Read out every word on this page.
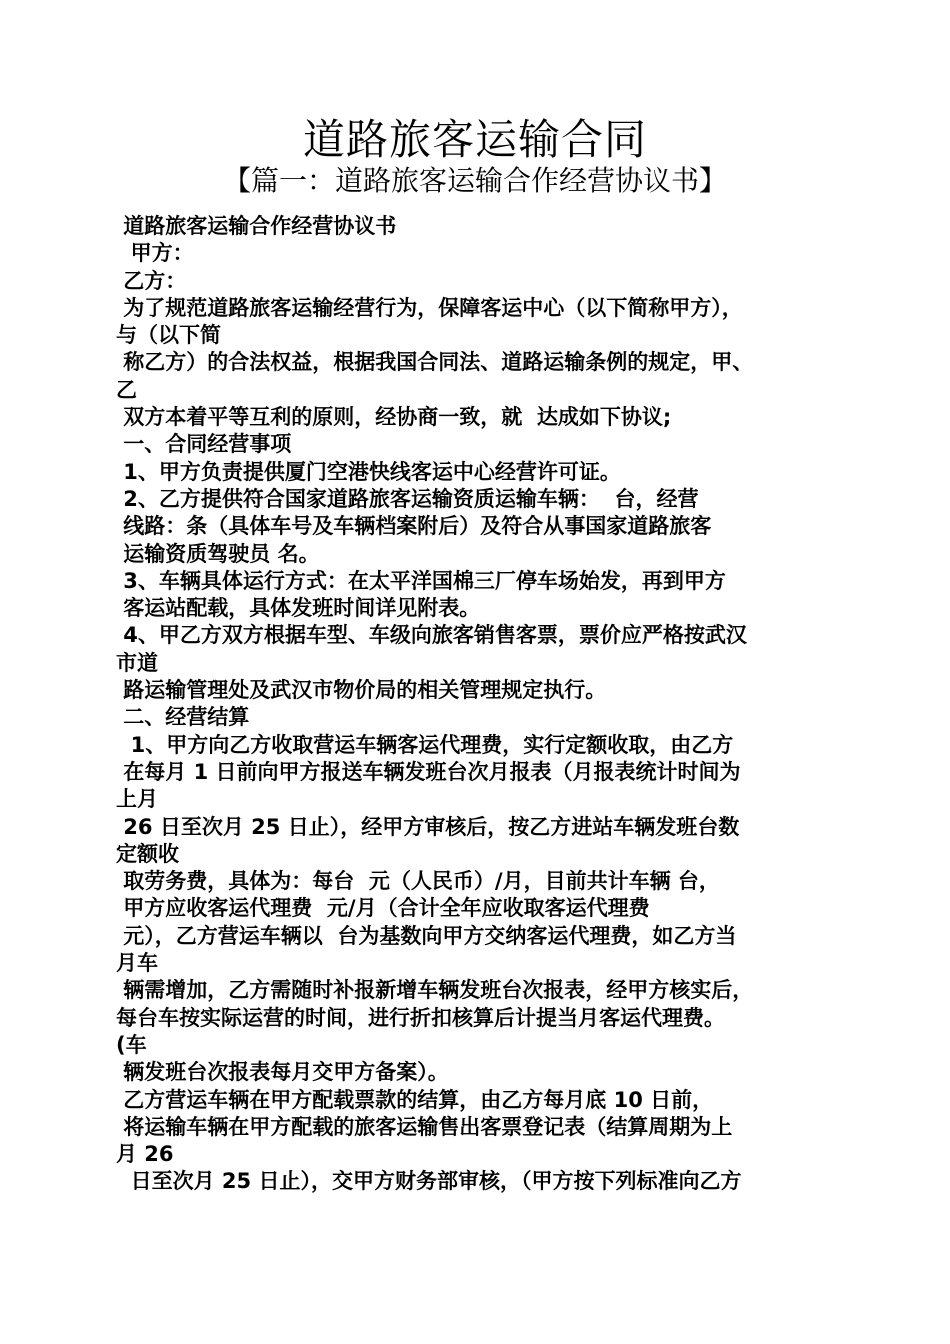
道路旅客运输合同
【篇一：道路旅客运输合作经营协议书】
道路旅客运输合作经营协议书
甲方：
乙方：
为了规范道路旅客运输经营行为，保障客运中心（以下简称甲方），
与（以下简
称乙方）的合法权益，根据我国合同法、道路运输条例的规定，甲、
乙
双方本着平等互利的原则，经协商一致，就  达成如下协议;
一、合同经营事项
1、甲方负责提供厦门空港快线客运中心经营许可证。
2、乙方提供符合国家道路旅客运输资质运输车辆：  台，经营
线路：条（具体车号及车辆档案附后）及符合从事国家道路旅客
运输资质驾驶员 名。
3、车辆具体运行方式：在太平洋国棉三厂停车场始发，再到甲方
客运站配载，具体发班时间详见附表。
4、甲乙方双方根据车型、车级向旅客销售客票，票价应严格按武汉
市道
路运输管理处及武汉市物价局的相关管理规定执行。
二、经营结算
1、甲方向乙方收取营运车辆客运代理费，实行定额收取，由乙方
在每月 1 日前向甲方报送车辆发班台次月报表（月报表统计时间为
上月
26 日至次月 25 日止），经甲方审核后，按乙方进站车辆发班台数
定额收
取劳务费，具体为：每台  元（人民币）/月，目前共计车辆 台，
甲方应收客运代理费  元/月（合计全年应收取客运代理费
元），乙方营运车辆以  台为基数向甲方交纳客运代理费，如乙方当
月车
辆需增加，乙方需随时补报新增车辆发班台次报表，经甲方核实后，
每台车按实际运营的时间，进行折扣核算后计提当月客运代理费。
(车
辆发班台次报表每月交甲方备案）。
乙方营运车辆在甲方配载票款的结算，由乙方每月底 10 日前，
将运输车辆在甲方配载的旅客运输售出客票登记表（结算周期为上
月 26
日至次月 25 日止），交甲方财务部审核，（甲方按下列标准向乙方
